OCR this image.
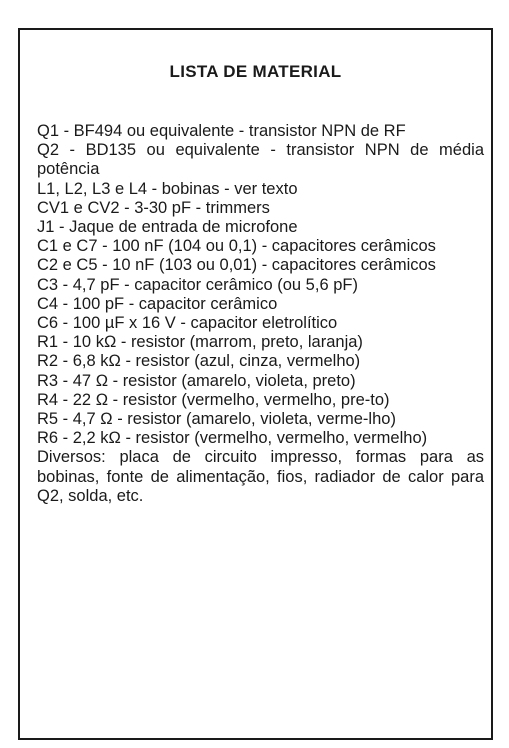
LISTA DE MATERIAL
Q1 - BF494 ou equivalente - transistor NPN de RF
Q2 - BD135 ou equivalente - transistor NPN de média potência
L1, L2, L3 e L4 - bobinas - ver texto
CV1 e CV2 - 3-30 pF - trimmers
J1 - Jaque de entrada de microfone
C1 e C7 - 100 nF (104 ou 0,1) - capacitores cerâmicos
C2 e C5 - 10 nF (103 ou 0,01) - capacitores cerâmicos
C3 - 4,7 pF - capacitor cerâmico (ou 5,6 pF)
C4 - 100 pF - capacitor cerâmico
C6 - 100 µF x 16 V - capacitor eletrolítico
R1 - 10 kΩ - resistor (marrom, preto, laranja)
R2 - 6,8 kΩ - resistor (azul, cinza, vermelho)
R3 - 47 Ω - resistor (amarelo, violeta, preto)
R4 - 22 Ω - resistor (vermelho, vermelho, pre-to)
R5 - 4,7 Ω - resistor (amarelo, violeta, verme-lho)
R6 - 2,2 kΩ - resistor (vermelho, vermelho, vermelho)
Diversos: placa de circuito impresso, formas para as bobinas, fonte de alimentação, fios, radiador de calor para Q2, solda, etc.
